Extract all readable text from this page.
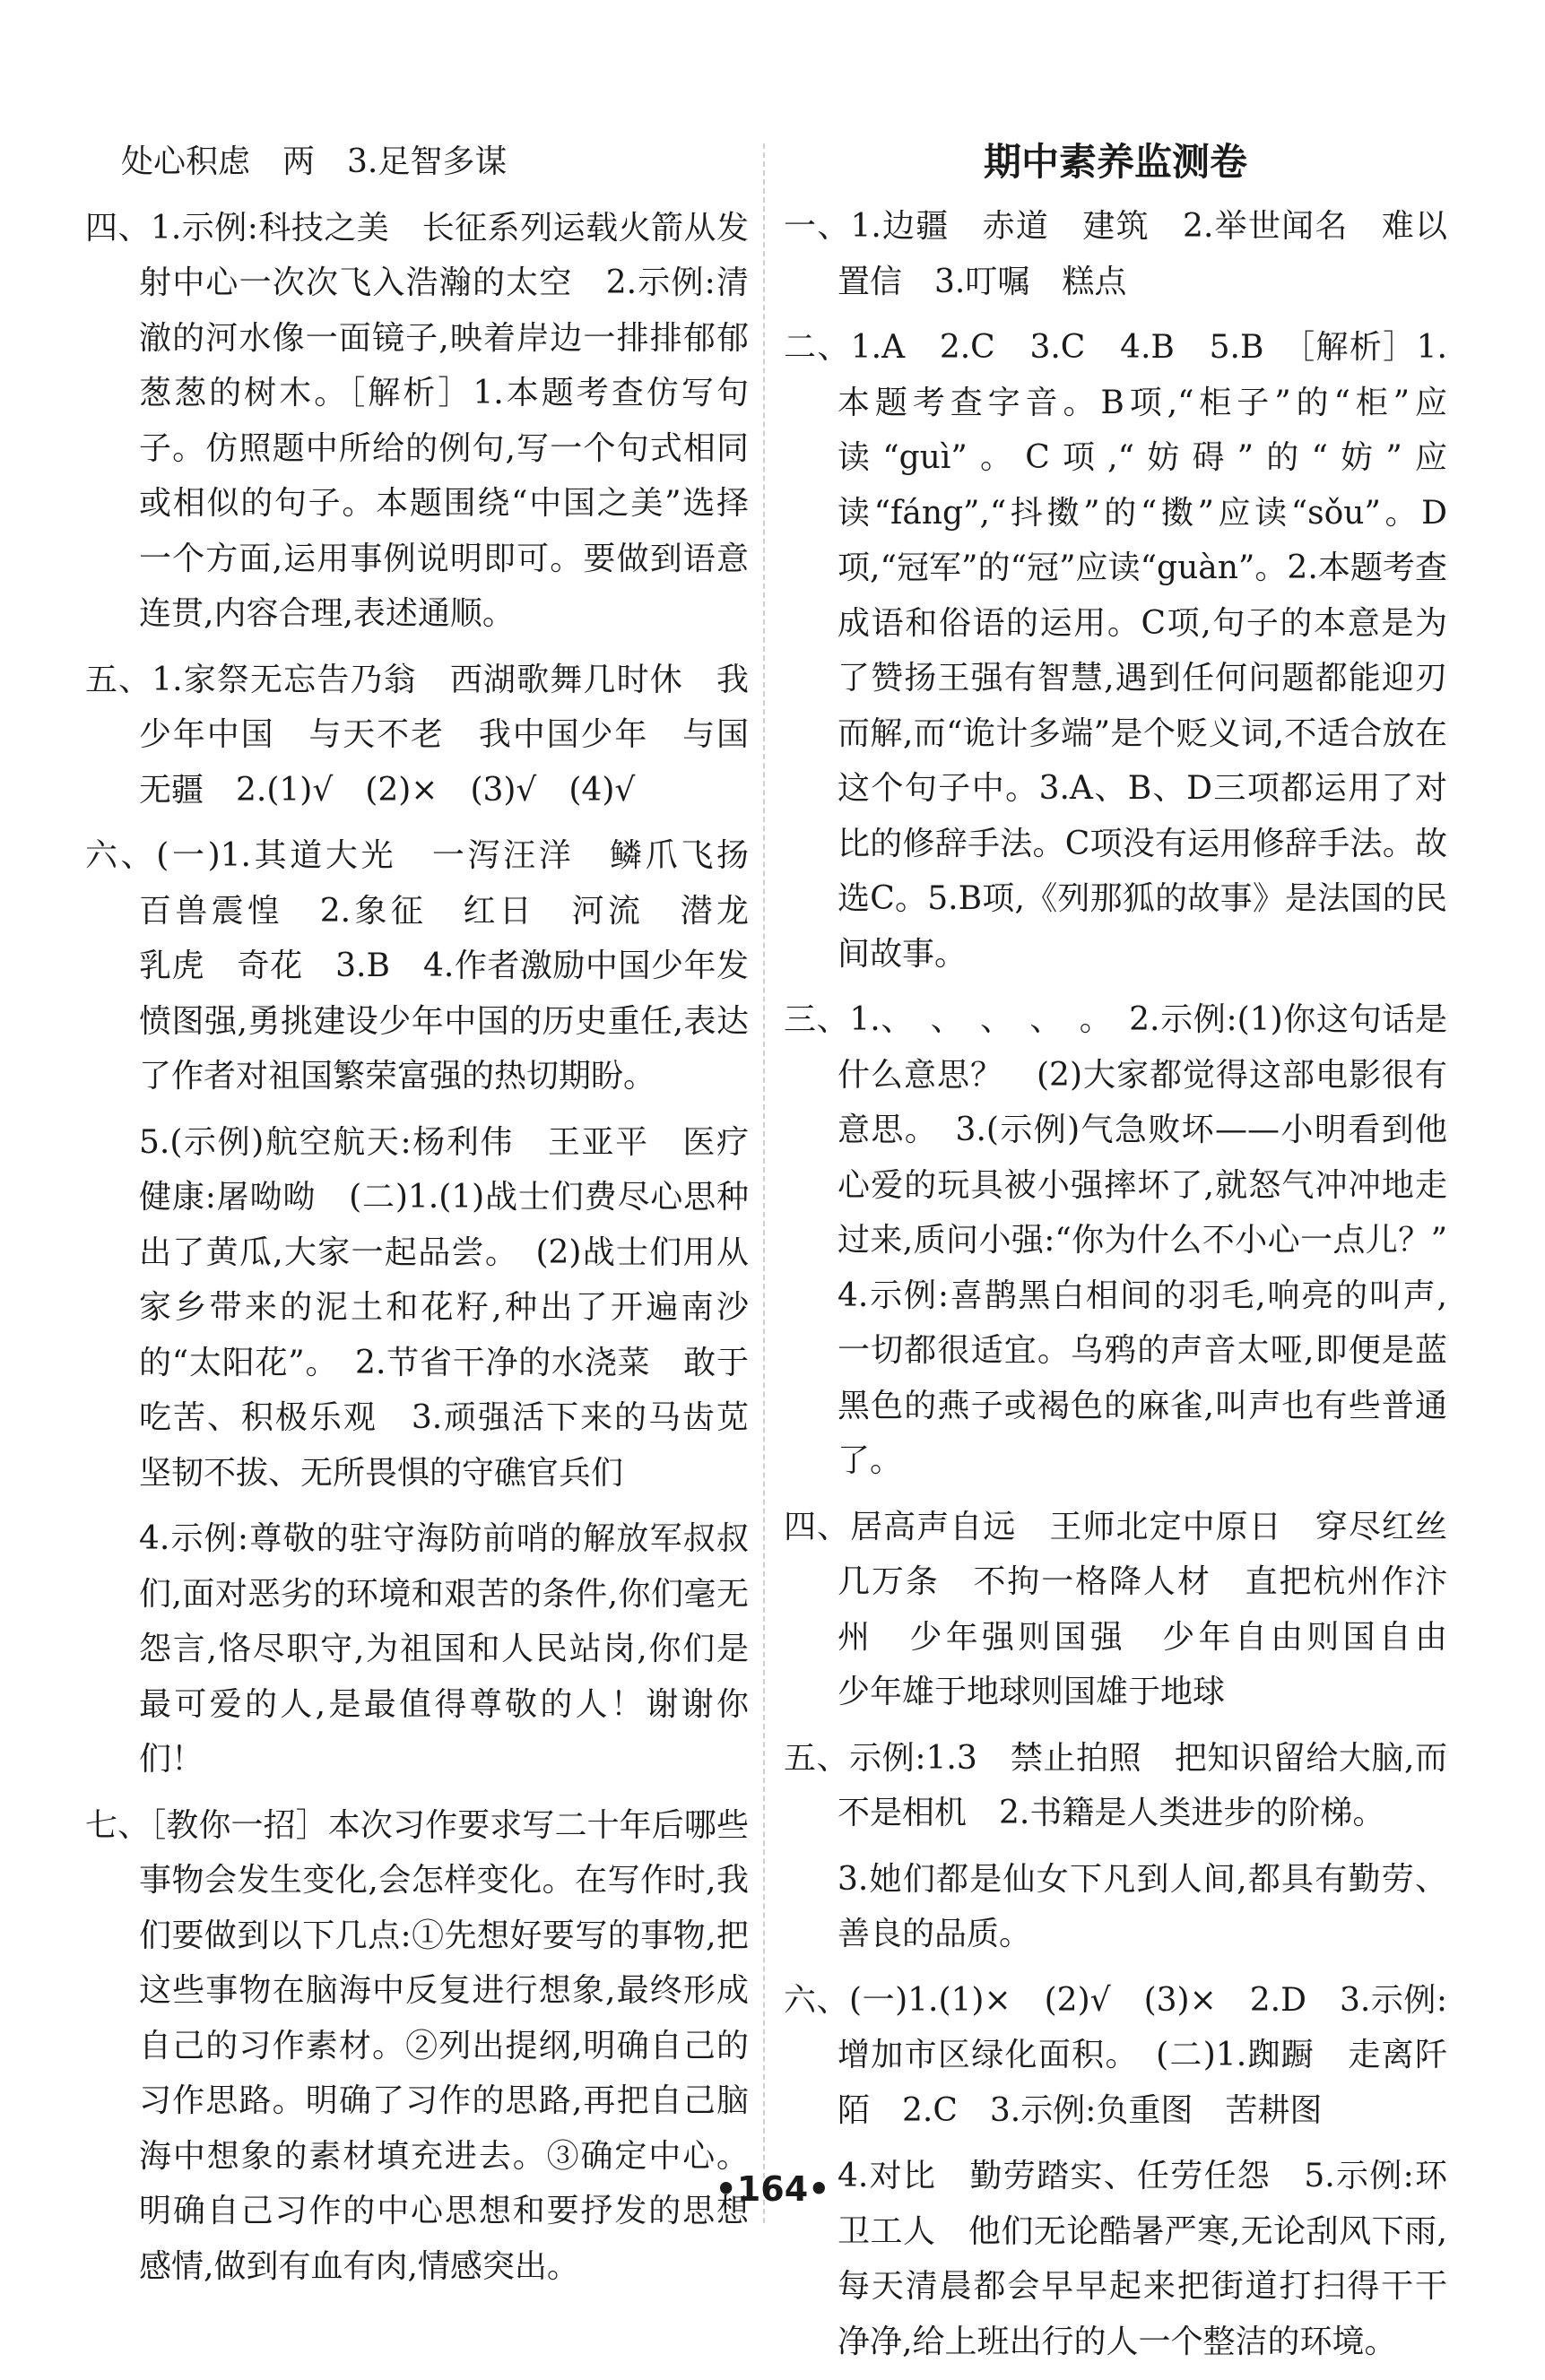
处心积虑　两　3.足智多谋
四、1.示例:科技之美　长征系列运载火箭从发射中心一次次飞入浩瀚的太空　2.示例:清澈的河水像一面镜子,映着岸边一排排郁郁葱葱的树木。［解析］1.本题考查仿写句子。仿照题中所给的例句,写一个句式相同或相似的句子。本题围绕“中国之美”选择一个方面,运用事例说明即可。要做到语意连贯,内容合理,表述通顺。
五、1.家祭无忘告乃翁　西湖歌舞几时休　我少年中国　与天不老　我中国少年　与国无疆　2.(1)√　(2)×　(3)√　(4)√
六、(一)1.其道大光　一泻汪洋　鳞爪飞扬　百兽震惶　2.象征　红日　河流　潜龙　乳虎　奇花　3.B　4.作者激励中国少年发愤图强,勇挑建设少年中国的历史重任,表达了作者对祖国繁荣富强的热切期盼。
5.(示例)航空航天:杨利伟　王亚平　医疗健康:屠呦呦　(二)1.(1)战士们费尽心思种出了黄瓜,大家一起品尝。　(2)战士们用从家乡带来的泥土和花籽,种出了开遍南沙的“太阳花”。　2.节省干净的水浇菜　敢于吃苦、积极乐观　3.顽强活下来的马齿苋　坚韧不拔、无所畏惧的守礁官兵们
4.示例:尊敬的驻守海防前哨的解放军叔叔们,面对恶劣的环境和艰苦的条件,你们毫无怨言,恪尽职守,为祖国和人民站岗,你们是最可爱的人,是最值得尊敬的人！谢谢你们！
七、［教你一招］本次习作要求写二十年后哪些事物会发生变化,会怎样变化。在写作时,我们要做到以下几点:①先想好要写的事物,把这些事物在脑海中反复进行想象,最终形成自己的习作素材。②列出提纲,明确自己的习作思路。明确了习作的思路,再把自己脑海中想象的素材填充进去。③确定中心。明确自己习作的中心思想和要抒发的思想感情,做到有血有肉,情感突出。
期中素养监测卷
一、1.边疆　赤道　建筑　2.举世闻名　难以置信　3.叮嘱　糕点
二、1.A　2.C　3.C　4.B　5.B　［解析］1.本题考查字音。B项,“柜子”的“柜”应读“guì”。C项,“妨碍”的“妨”应读“fáng”,“抖擞”的“擞”应读“sǒu”。D项,“冠军”的“冠”应读“guàn”。2.本题考查成语和俗语的运用。C项,句子的本意是为了赞扬王强有智慧,遇到任何问题都能迎刃而解,而“诡计多端”是个贬义词,不适合放在这个句子中。3.A、B、D三项都运用了对比的修辞手法。C项没有运用修辞手法。故选C。5.B项,《列那狐的故事》是法国的民间故事。
三、1.、　、　、　、　。　2.示例:(1)你这句话是什么意思？　(2)大家都觉得这部电影很有意思。　3.(示例)气急败坏——小明看到他心爱的玩具被小强摔坏了,就怒气冲冲地走过来,质问小强:“你为什么不小心一点儿？”　4.示例:喜鹊黑白相间的羽毛,响亮的叫声,一切都很适宜。乌鸦的声音太哑,即便是蓝黑色的燕子或褐色的麻雀,叫声也有些普通了。
四、居高声自远　王师北定中原日　穿尽红丝几万条　不拘一格降人材　直把杭州作汴州　少年强则国强　少年自由则国自由　少年雄于地球则国雄于地球
五、示例:1.3　禁止拍照　把知识留给大脑,而不是相机　2.书籍是人类进步的阶梯。
3.她们都是仙女下凡到人间,都具有勤劳、善良的品质。
六、(一)1.(1)×　(2)√　(3)×　2.D　3.示例:增加市区绿化面积。　(二)1.踟蹰　走离阡陌　2.C　3.示例:负重图　苦耕图
4.对比　勤劳踏实、任劳任怨　5.示例:环卫工人　他们无论酷暑严寒,无论刮风下雨,每天清晨都会早早起来把街道打扫得干干净净,给上班出行的人一个整洁的环境。
•164•
